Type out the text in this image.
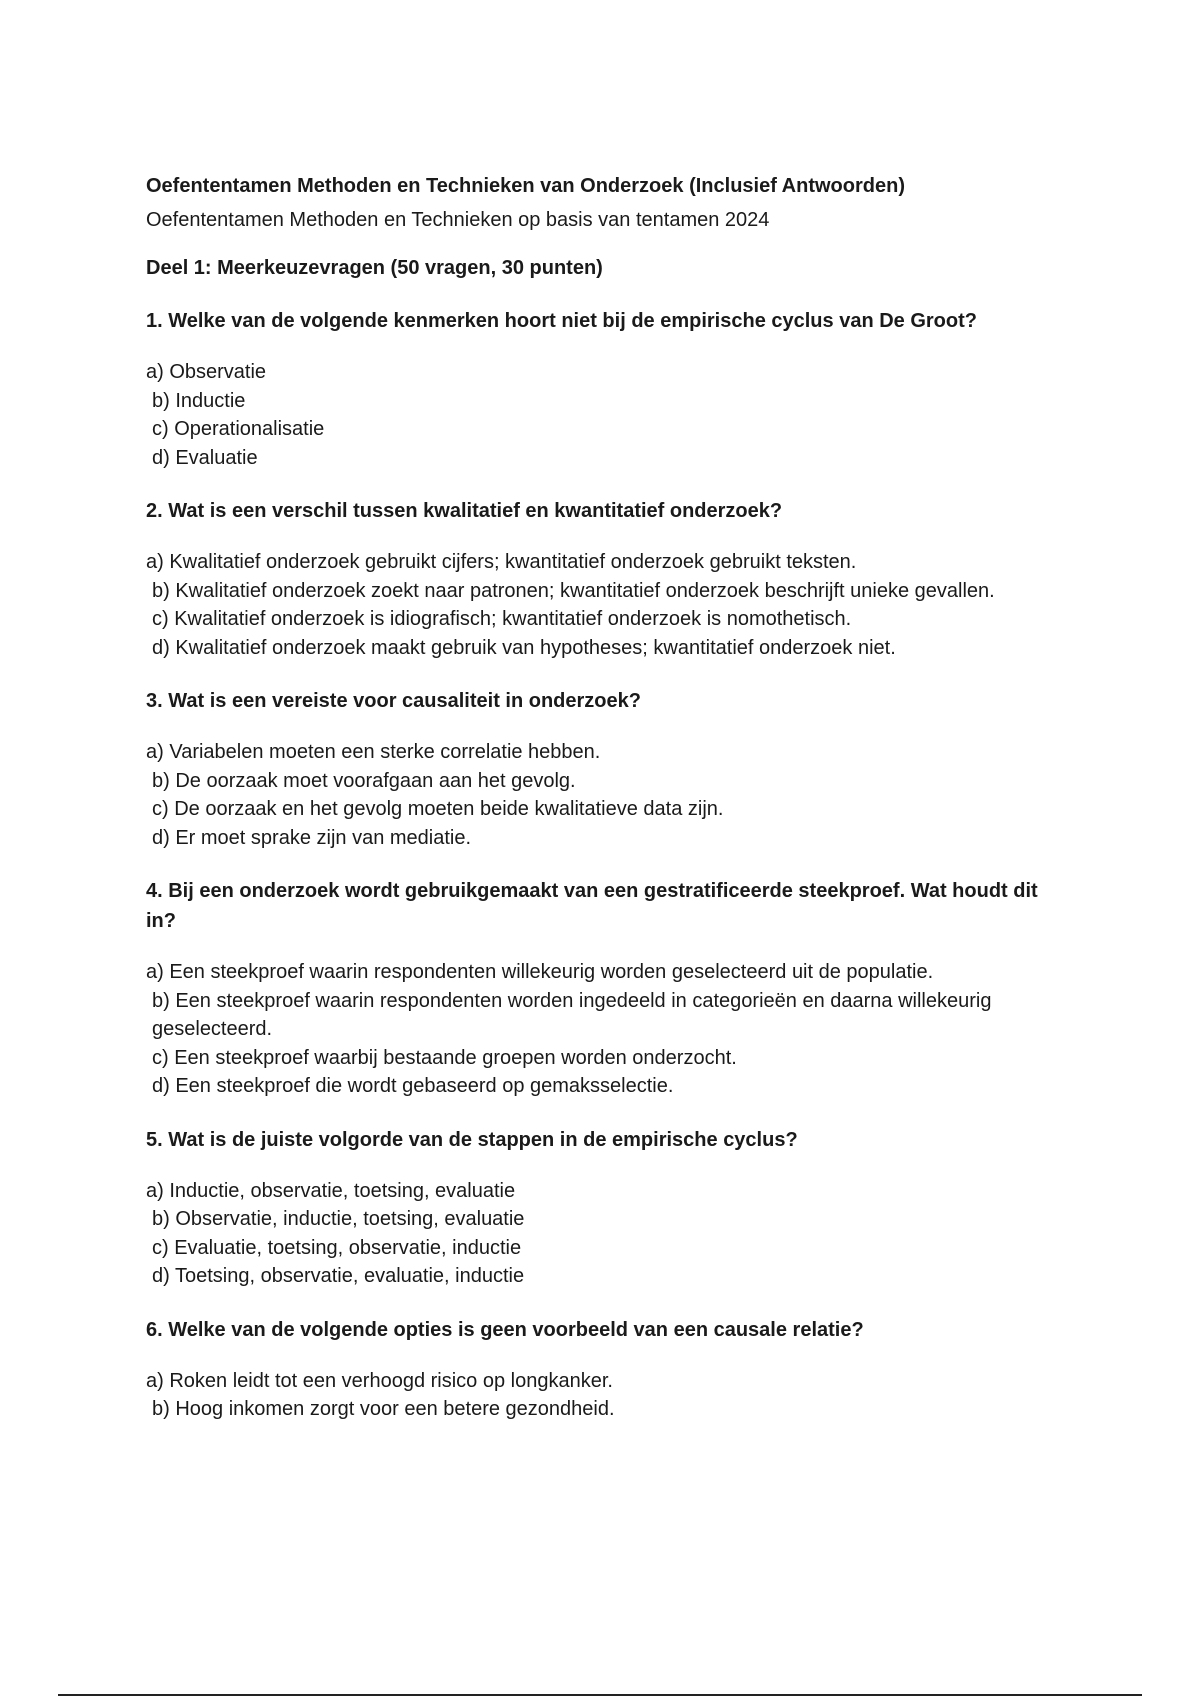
Oefententamen Methoden en Technieken van Onderzoek (Inclusief Antwoorden)

Oefententamen Methoden en Technieken op basis van tentamen 2024

Deel 1: Meerkeuzevragen (50 vragen, 30 punten)

1. Welke van de volgende kenmerken hoort niet bij de empirische cyclus van De Groot?

a) Observatie
b) Inductie
c) Operationalisatie
d) Evaluatie

2. Wat is een verschil tussen kwalitatief en kwantitatief onderzoek?

a) Kwalitatief onderzoek gebruikt cijfers; kwantitatief onderzoek gebruikt teksten.
b) Kwalitatief onderzoek zoekt naar patronen; kwantitatief onderzoek beschrijft unieke gevallen.
c) Kwalitatief onderzoek is idiografisch; kwantitatief onderzoek is nomothetisch.
d) Kwalitatief onderzoek maakt gebruik van hypotheses; kwantitatief onderzoek niet.

3. Wat is een vereiste voor causaliteit in onderzoek?

a) Variabelen moeten een sterke correlatie hebben.
b) De oorzaak moet voorafgaan aan het gevolg.
c) De oorzaak en het gevolg moeten beide kwalitatieve data zijn.
d) Er moet sprake zijn van mediatie.

4. Bij een onderzoek wordt gebruikgemaakt van een gestratificeerde steekproef. Wat houdt dit in?

a) Een steekproef waarin respondenten willekeurig worden geselecteerd uit de populatie.
b) Een steekproef waarin respondenten worden ingedeeld in categorieën en daarna willekeurig geselecteerd.
c) Een steekproef waarbij bestaande groepen worden onderzocht.
d) Een steekproef die wordt gebaseerd op gemaksselectie.

5. Wat is de juiste volgorde van de stappen in de empirische cyclus?

a) Inductie, observatie, toetsing, evaluatie
b) Observatie, inductie, toetsing, evaluatie
c) Evaluatie, toetsing, observatie, inductie
d) Toetsing, observatie, evaluatie, inductie

6. Welke van de volgende opties is geen voorbeeld van een causale relatie?

a) Roken leidt tot een verhoogd risico op longkanker.
b) Hoog inkomen zorgt voor een betere gezondheid.
